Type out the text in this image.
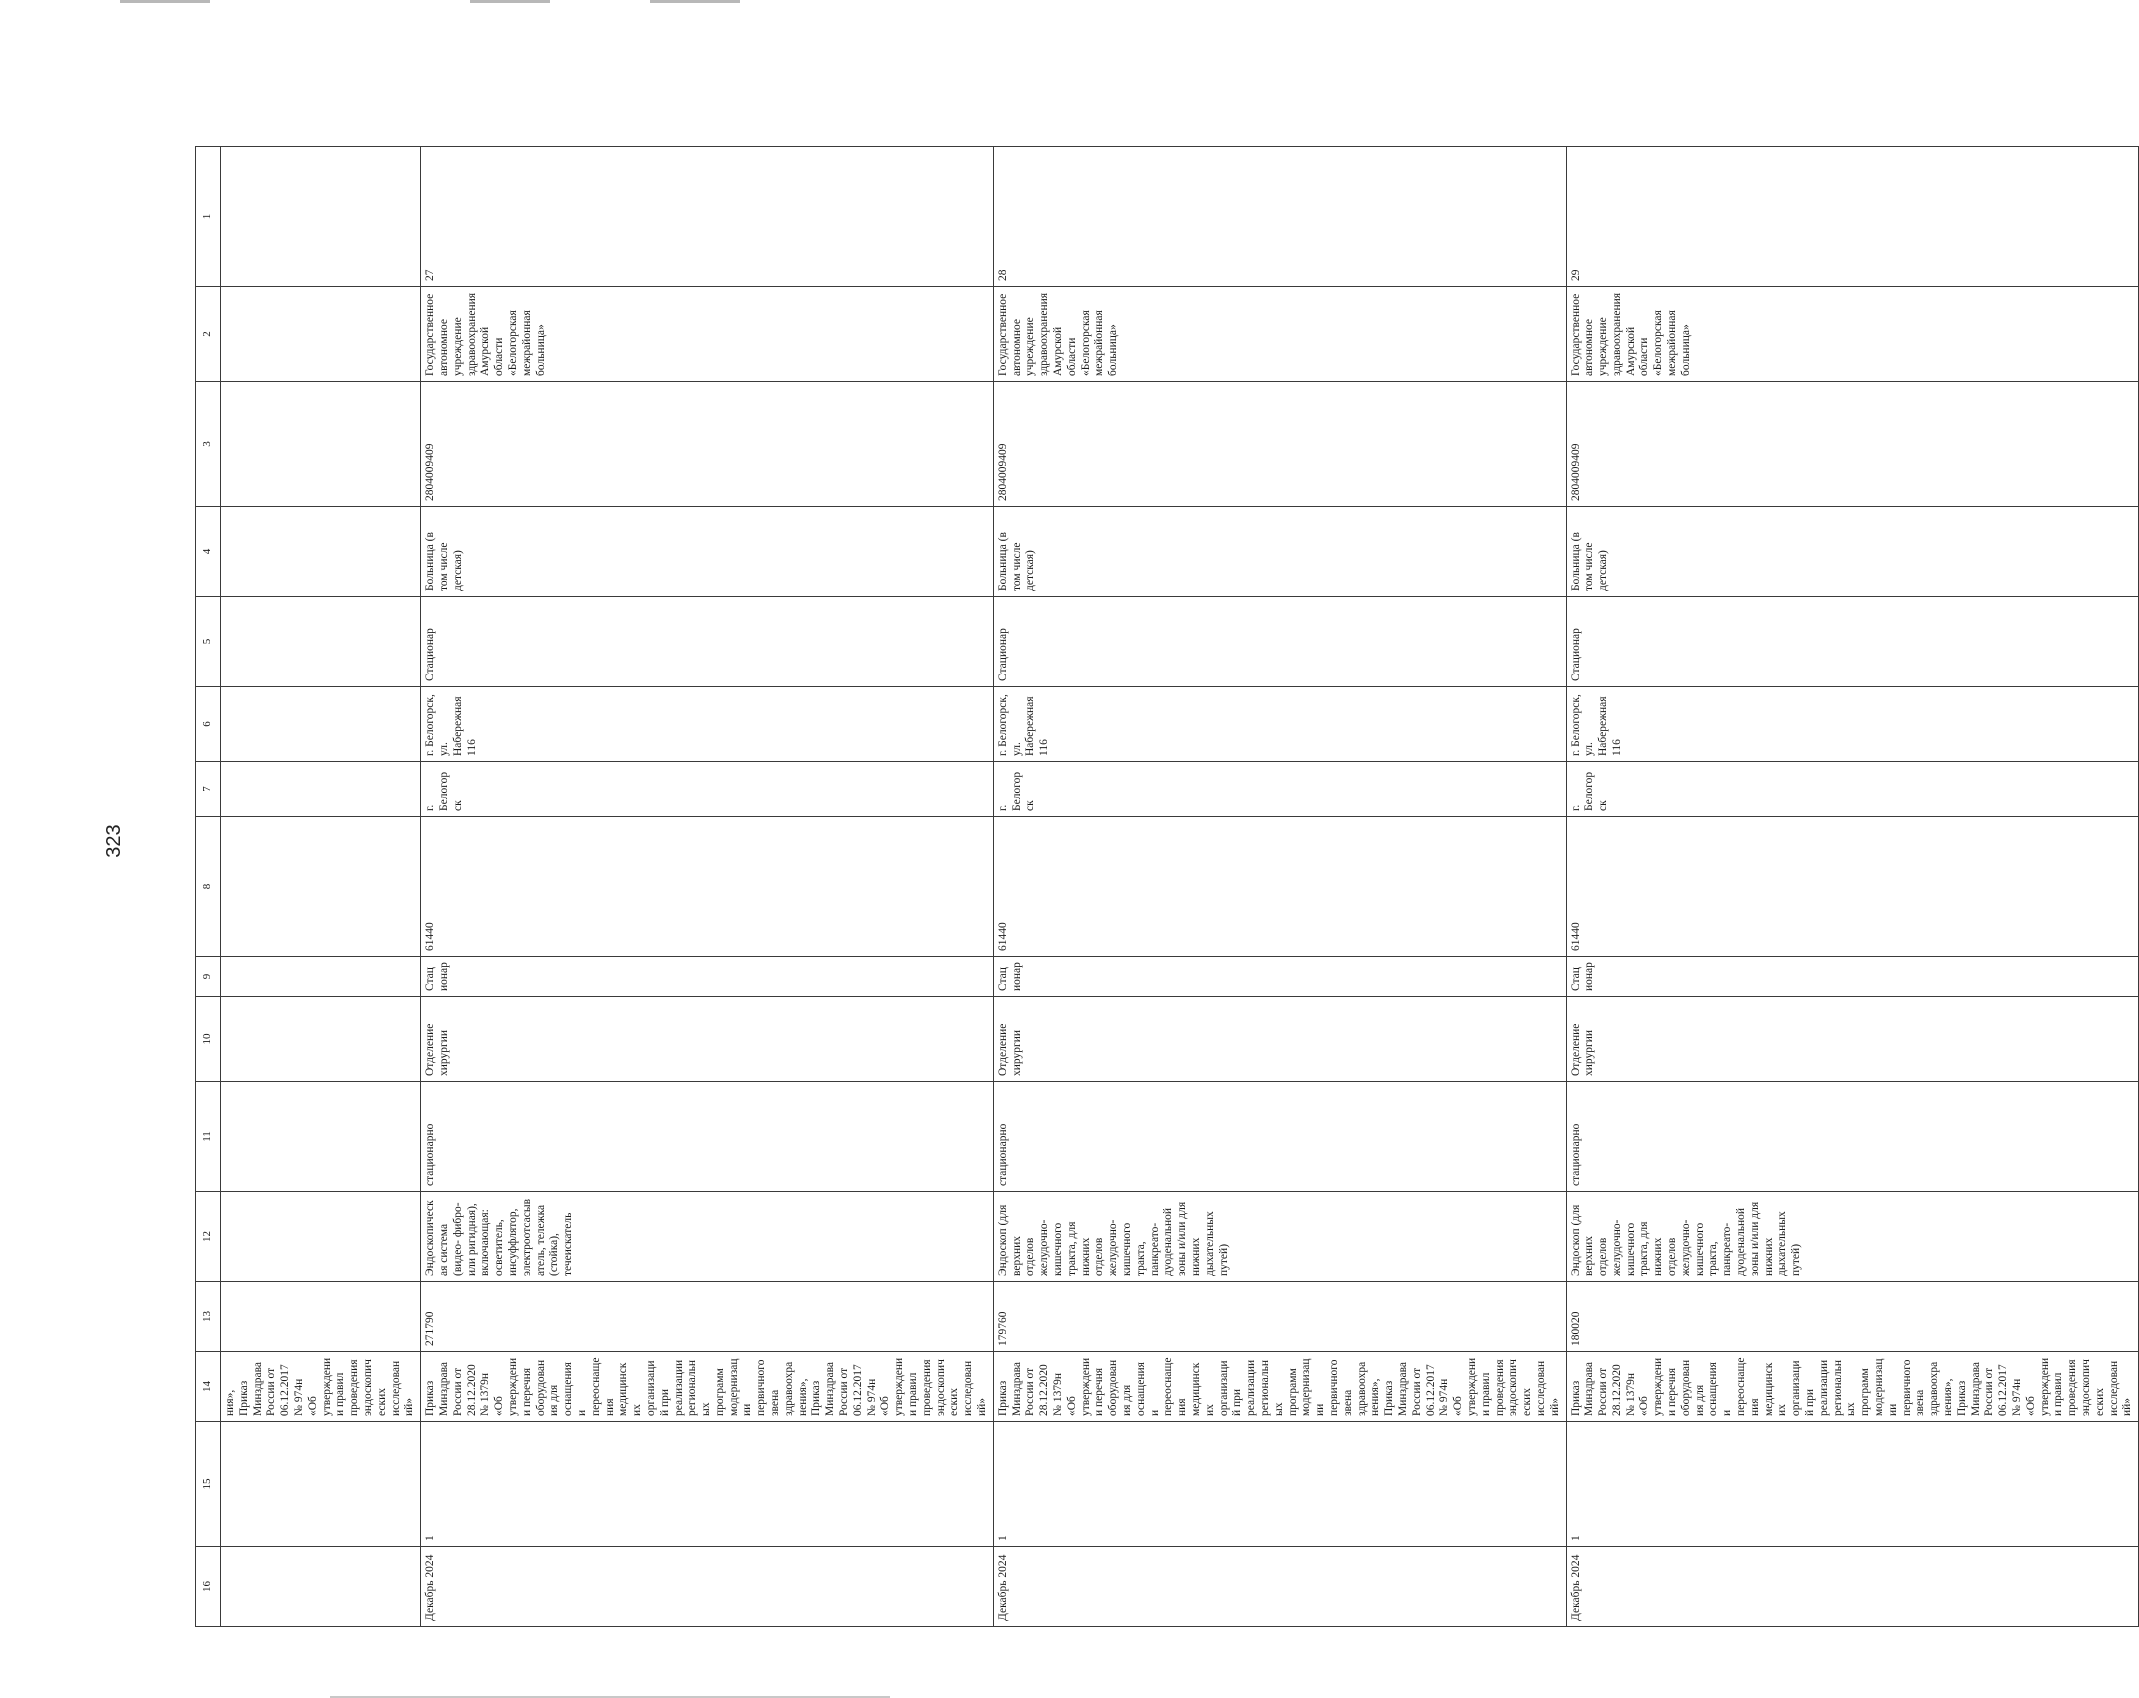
323
16	15	14	13	12	11	10	9	8	7	6	5	4	3	2	1
		ния», Приказ Минздрава России от 06.12.2017 № 974н «Об утверждении правил проведения эндоскопических исследований»													
Декабрь 2024	1	Приказ Минздрава России от 28.12.2020 № 1379н «Об утверждении перечня оборудования для оснащения и переоснащения медицинских организаций при реализации региональных программ модернизации первичного звена здравоохранения», Приказ Минздрава России от 06.12.2017 № 974н «Об утверждении правил проведения эндоскопических исследований»	271790	Эндоскопическая система (видео- фибро- или ригидная), включающая: осветитель, инсуффлятор, электроотсасыватель, тележка (стойка), течеискатель	стационарно	Отделение хирургии	Стационар	61440	г. Белогорск	г. Белогорск, ул. Набережная 116	Стационар	Больница (в том числе детская)	2804009409	Государственное автономное учреждение здравоохранения Амурской области «Белогорская межрайонная больница»	27
Декабрь 2024	1	Приказ Минздрава России от 28.12.2020 № 1379н «Об утверждении перечня оборудования для оснащения и переоснащения медицинских организаций при реализации региональных программ модернизации первичного звена здравоохранения», Приказ Минздрава России от 06.12.2017 № 974н «Об утверждении правил проведения эндоскопических исследований»	179760	Эндоскоп (для верхних отделов желудочно-кишечного тракта, для нижних отделов желудочно-кишечного тракта, панкреато-дуоденальной зоны и/или для нижних дыхательных путей)	стационарно	Отделение хирургии	Стационар	61440	г. Белогорск	г. Белогорск, ул. Набережная 116	Стационар	Больница (в том числе детская)	2804009409	Государственное автономное учреждение здравоохранения Амурской области «Белогорская межрайонная больница»	28
Декабрь 2024	1	Приказ Минздрава России от 28.12.2020 № 1379н «Об утверждении перечня оборудования для оснащения и переоснащения медицинских организаций при реализации региональных программ модернизации первичного звена здравоохранения», Приказ Минздрава России от 06.12.2017 № 974н «Об утверждении правил проведения эндоскопических исследований»	180020	Эндоскоп (для верхних отделов желудочно-кишечного тракта, для нижних отделов желудочно-кишечного тракта, панкреато-дуоденальной зоны и/или для нижних дыхательных путей)	стационарно	Отделение хирургии	Стационар	61440	г. Белогорск	г. Белогорск, ул. Набережная 116	Стационар	Больница (в том числе детская)	2804009409	Государственное автономное учреждение здравоохранения Амурской области «Белогорская межрайонная больница»	29
